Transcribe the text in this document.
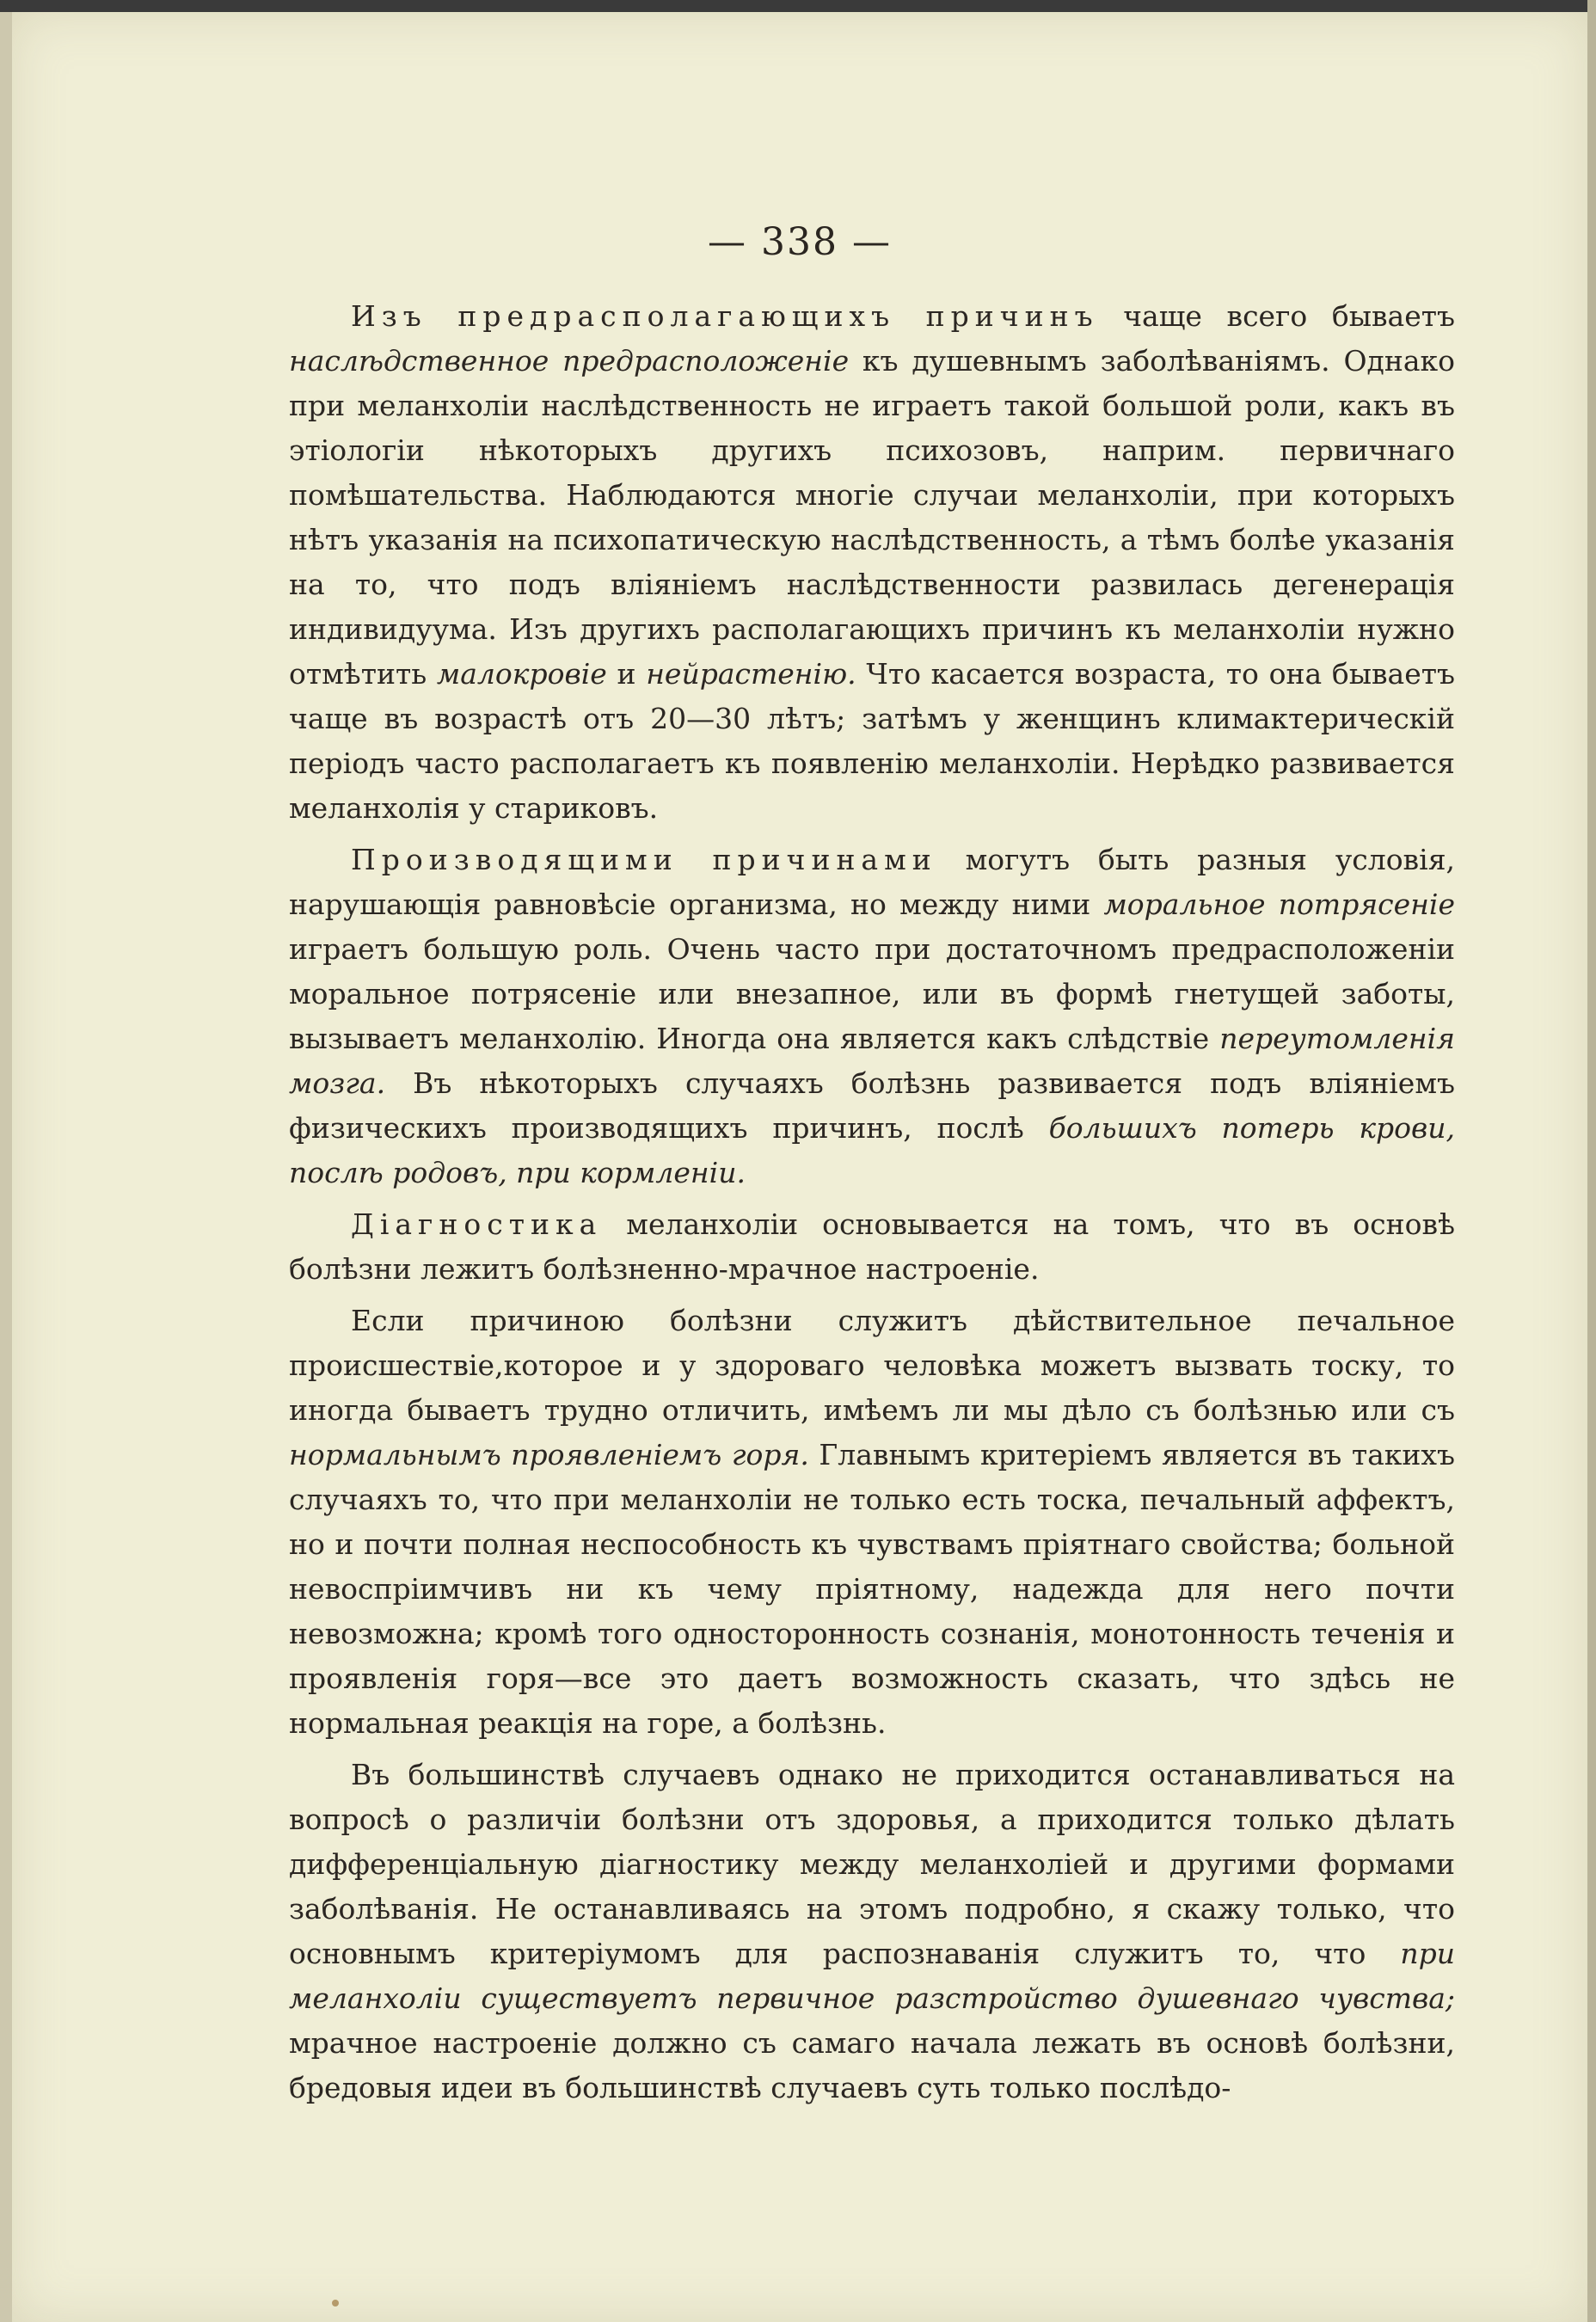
— 338 —

Изъ предрасполагающихъ причинъ чаще всего бываетъ наслѣдственное предрасположеніе къ душевнымъ заболѣваніямъ. Однако при меланхоліи наслѣдственность не играетъ такой большой роли, какъ въ этіологіи нѣкоторыхъ другихъ психозовъ, наприм. первичнаго помѣшательства. Наблюдаются многіе случаи меланхоліи, при которыхъ нѣтъ указанія на психопатическую наслѣдственность, а тѣмъ болѣе указанія на то, что подъ вліяніемъ наслѣдственности развилась дегенерація индивидуума. Изъ другихъ располагающихъ причинъ къ меланхоліи нужно отмѣтить малокровіе и нейрастенію. Что касается возраста, то она бываетъ чаще въ возрастѣ отъ 20—30 лѣтъ; затѣмъ у женщинъ климактерическій періодъ часто располагаетъ къ появленію меланхоліи. Нерѣдко развивается меланхолія у стариковъ.

Производящими причинами могутъ быть разныя условія, нарушающія равновѣсіе организма, но между ними моральное потрясеніе играетъ большую роль. Очень часто при достаточномъ предрасположеніи моральное потрясеніе или внезапное, или въ формѣ гнетущей заботы, вызываетъ меланхолію. Иногда она является какъ слѣдствіе переутомленія мозга. Въ нѣкоторыхъ случаяхъ болѣзнь развивается подъ вліяніемъ физическихъ производящихъ причинъ, послѣ большихъ потерь крови, послѣ родовъ, при кормленіи.

Діагностика меланхоліи основывается на томъ, что въ основѣ болѣзни лежитъ болѣзненно-мрачное настроеніе.

Если причиною болѣзни служитъ дѣйствительное печальное происшествіе,которое и у здороваго человѣка можетъ вызвать тоску, то иногда бываетъ трудно отличить, имѣемъ ли мы дѣло съ болѣзнью или съ нормальнымъ проявленіемъ горя. Главнымъ критеріемъ является въ такихъ случаяхъ то, что при меланхоліи не только есть тоска, печальный аффектъ, но и почти полная неспособность къ чувствамъ пріятнаго свойства; больной невоспріимчивъ ни къ чему пріятному, надежда для него почти невозможна; кромѣ того односторонность сознанія, монотонность теченія и проявленія горя—все это даетъ возможность сказать, что здѣсь не нормальная реакція на горе, а болѣзнь.

Въ большинствѣ случаевъ однако не приходится останавливаться на вопросѣ о различіи болѣзни отъ здоровья, а приходится только дѣлать дифференціальную діагностику между меланхоліей и другими формами заболѣванія. Не останавливаясь на этомъ подробно, я скажу только, что основнымъ критеріумомъ для распознаванія служитъ то, что при меланхоліи существуетъ первичное разстройство душевнаго чувства; мрачное настроеніе должно съ самаго начала лежать въ основѣ болѣзни, бредовыя идеи въ большинствѣ случаевъ суть только послѣдо-
